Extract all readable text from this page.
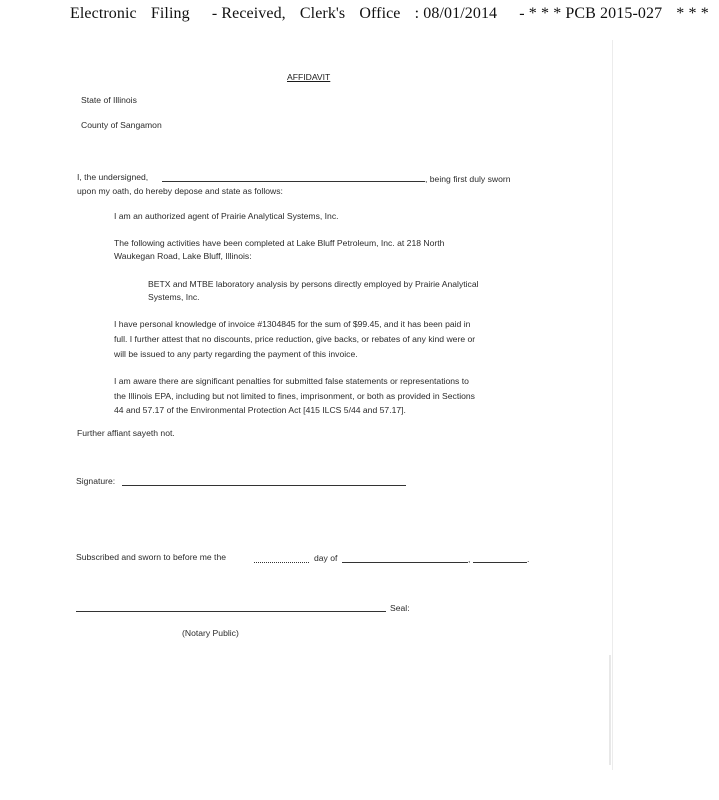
Electronic Filing - Received, Clerk's Office : 08/01/2014 - * * * PCB 2015-027 * * *
AFFIDAVIT
State of Illinois
County of Sangamon
I, the undersigned,	, being first duly sworn
upon my oath, do hereby depose and state as follows:
I am an authorized agent of Prairie Analytical Systems, Inc.
The following activities have been completed at Lake Bluff Petroleum, Inc. at 218 North
Waukegan Road, Lake Bluff, Illinois:
BETX and MTBE laboratory analysis by persons directly employed by Prairie Analytical
Systems, Inc.
I have personal knowledge of invoice #1304845 for the sum of $99.45, and it has been paid in
full. I further attest that no discounts, price reduction, give backs, or rebates of any kind were or
will be issued to any party regarding the payment of this invoice.
I am aware there are significant penalties for submitted false statements or representations to
the Illinois EPA, including but not limited to fines, imprisonment, or both as provided in Sections
44 and 57.17 of the Environmental Protection Act [415 ILCS 5/44 and 57.17].
Further affiant sayeth not.
Signature:
Subscribed and sworn to before me the	day of	,	.
Seal:
(Notary Public)
